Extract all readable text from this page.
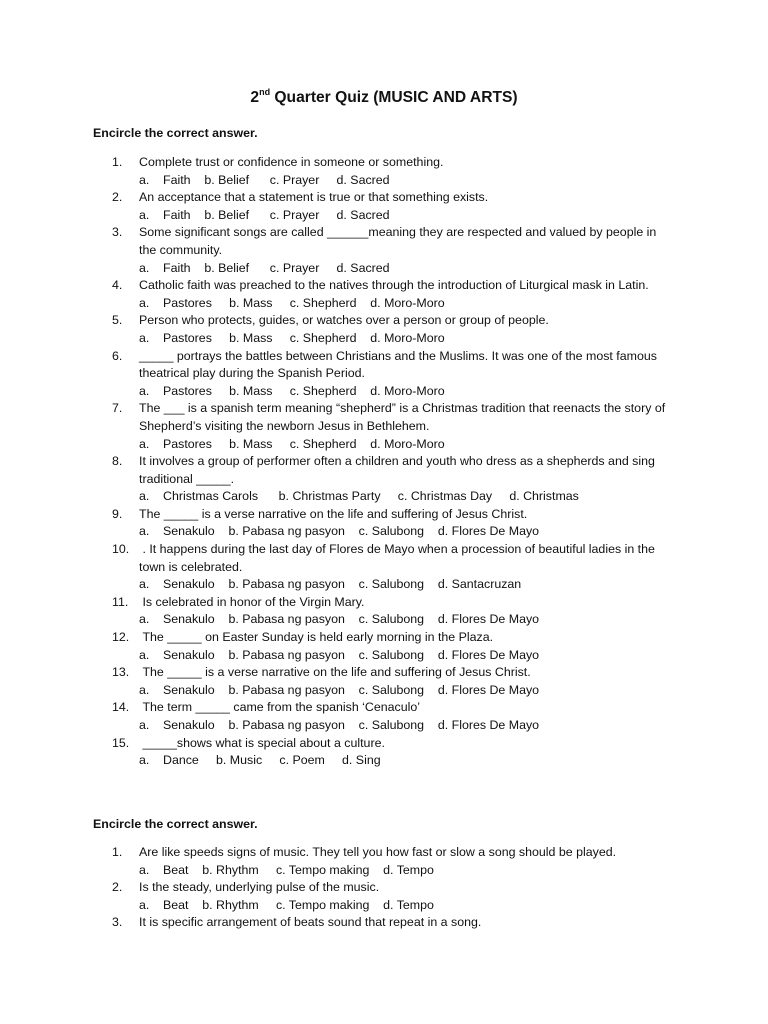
2nd Quarter Quiz (MUSIC AND ARTS)
Encircle the correct answer.
1.	Complete trust or confidence in someone or something.
a. Faith    b. Belief      c. Prayer     d. Sacred
2.	An acceptance that a statement is true or that something exists.
a. Faith    b. Belief      c. Prayer     d. Sacred
3.	Some significant songs are called ______meaning they are respected and valued by people in the community.
a. Faith    b. Belief      c. Prayer     d. Sacred
4.	Catholic faith was preached to the natives through the introduction of Liturgical mask in Latin.
a. Pastores     b. Mass     c. Shepherd    d. Moro-Moro
5.	Person who protects, guides, or watches over a person or group of people.
a. Pastores     b. Mass     c. Shepherd    d. Moro-Moro
6.	_____ portrays the battles between Christians and the Muslims. It was one of the most famous theatrical play during the Spanish Period.
a. Pastores     b. Mass     c. Shepherd    d. Moro-Moro
7.	The ___ is a spanish term meaning “shepherd” is a Christmas tradition that reenacts the story of Shepherd’s visiting the newborn Jesus in Bethlehem.
a. Pastores     b. Mass     c. Shepherd    d. Moro-Moro
8.	It involves a group of performer often a children and youth who dress as a shepherds and sing traditional _____.
a. Christmas Carols      b. Christmas Party     c. Christmas Day     d. Christmas
9.	The _____ is a verse narrative on the life and suffering of Jesus Christ.
a. Senakulo    b. Pabasa ng pasyon    c. Salubong    d. Flores De Mayo
10. . It happens during the last day of Flores de Mayo when a procession of beautiful ladies in the town is celebrated.
a. Senakulo    b. Pabasa ng pasyon    c. Salubong    d. Santacruzan
11. Is celebrated in honor of the Virgin Mary.
a. Senakulo    b. Pabasa ng pasyon    c. Salubong    d. Flores De Mayo
12. The _____ on Easter Sunday is held early morning in the Plaza.
a. Senakulo    b. Pabasa ng pasyon    c. Salubong    d. Flores De Mayo
13. The _____ is a verse narrative on the life and suffering of Jesus Christ.
a. Senakulo    b. Pabasa ng pasyon    c. Salubong    d. Flores De Mayo
14. The term _____ came from the spanish ‘Cenaculo’
a. Senakulo    b. Pabasa ng pasyon    c. Salubong    d. Flores De Mayo
15. _____shows what is special about a culture.
a. Dance     b. Music     c. Poem     d. Sing
Encircle the correct answer.
1.	Are like speeds signs of music. They tell you how fast or slow a song should be played.
a. Beat    b. Rhythm     c. Tempo making    d. Tempo
2.	Is the steady, underlying pulse of the music.
a. Beat    b. Rhythm     c. Tempo making    d. Tempo
3.	It is specific arrangement of beats sound that repeat in a song.
